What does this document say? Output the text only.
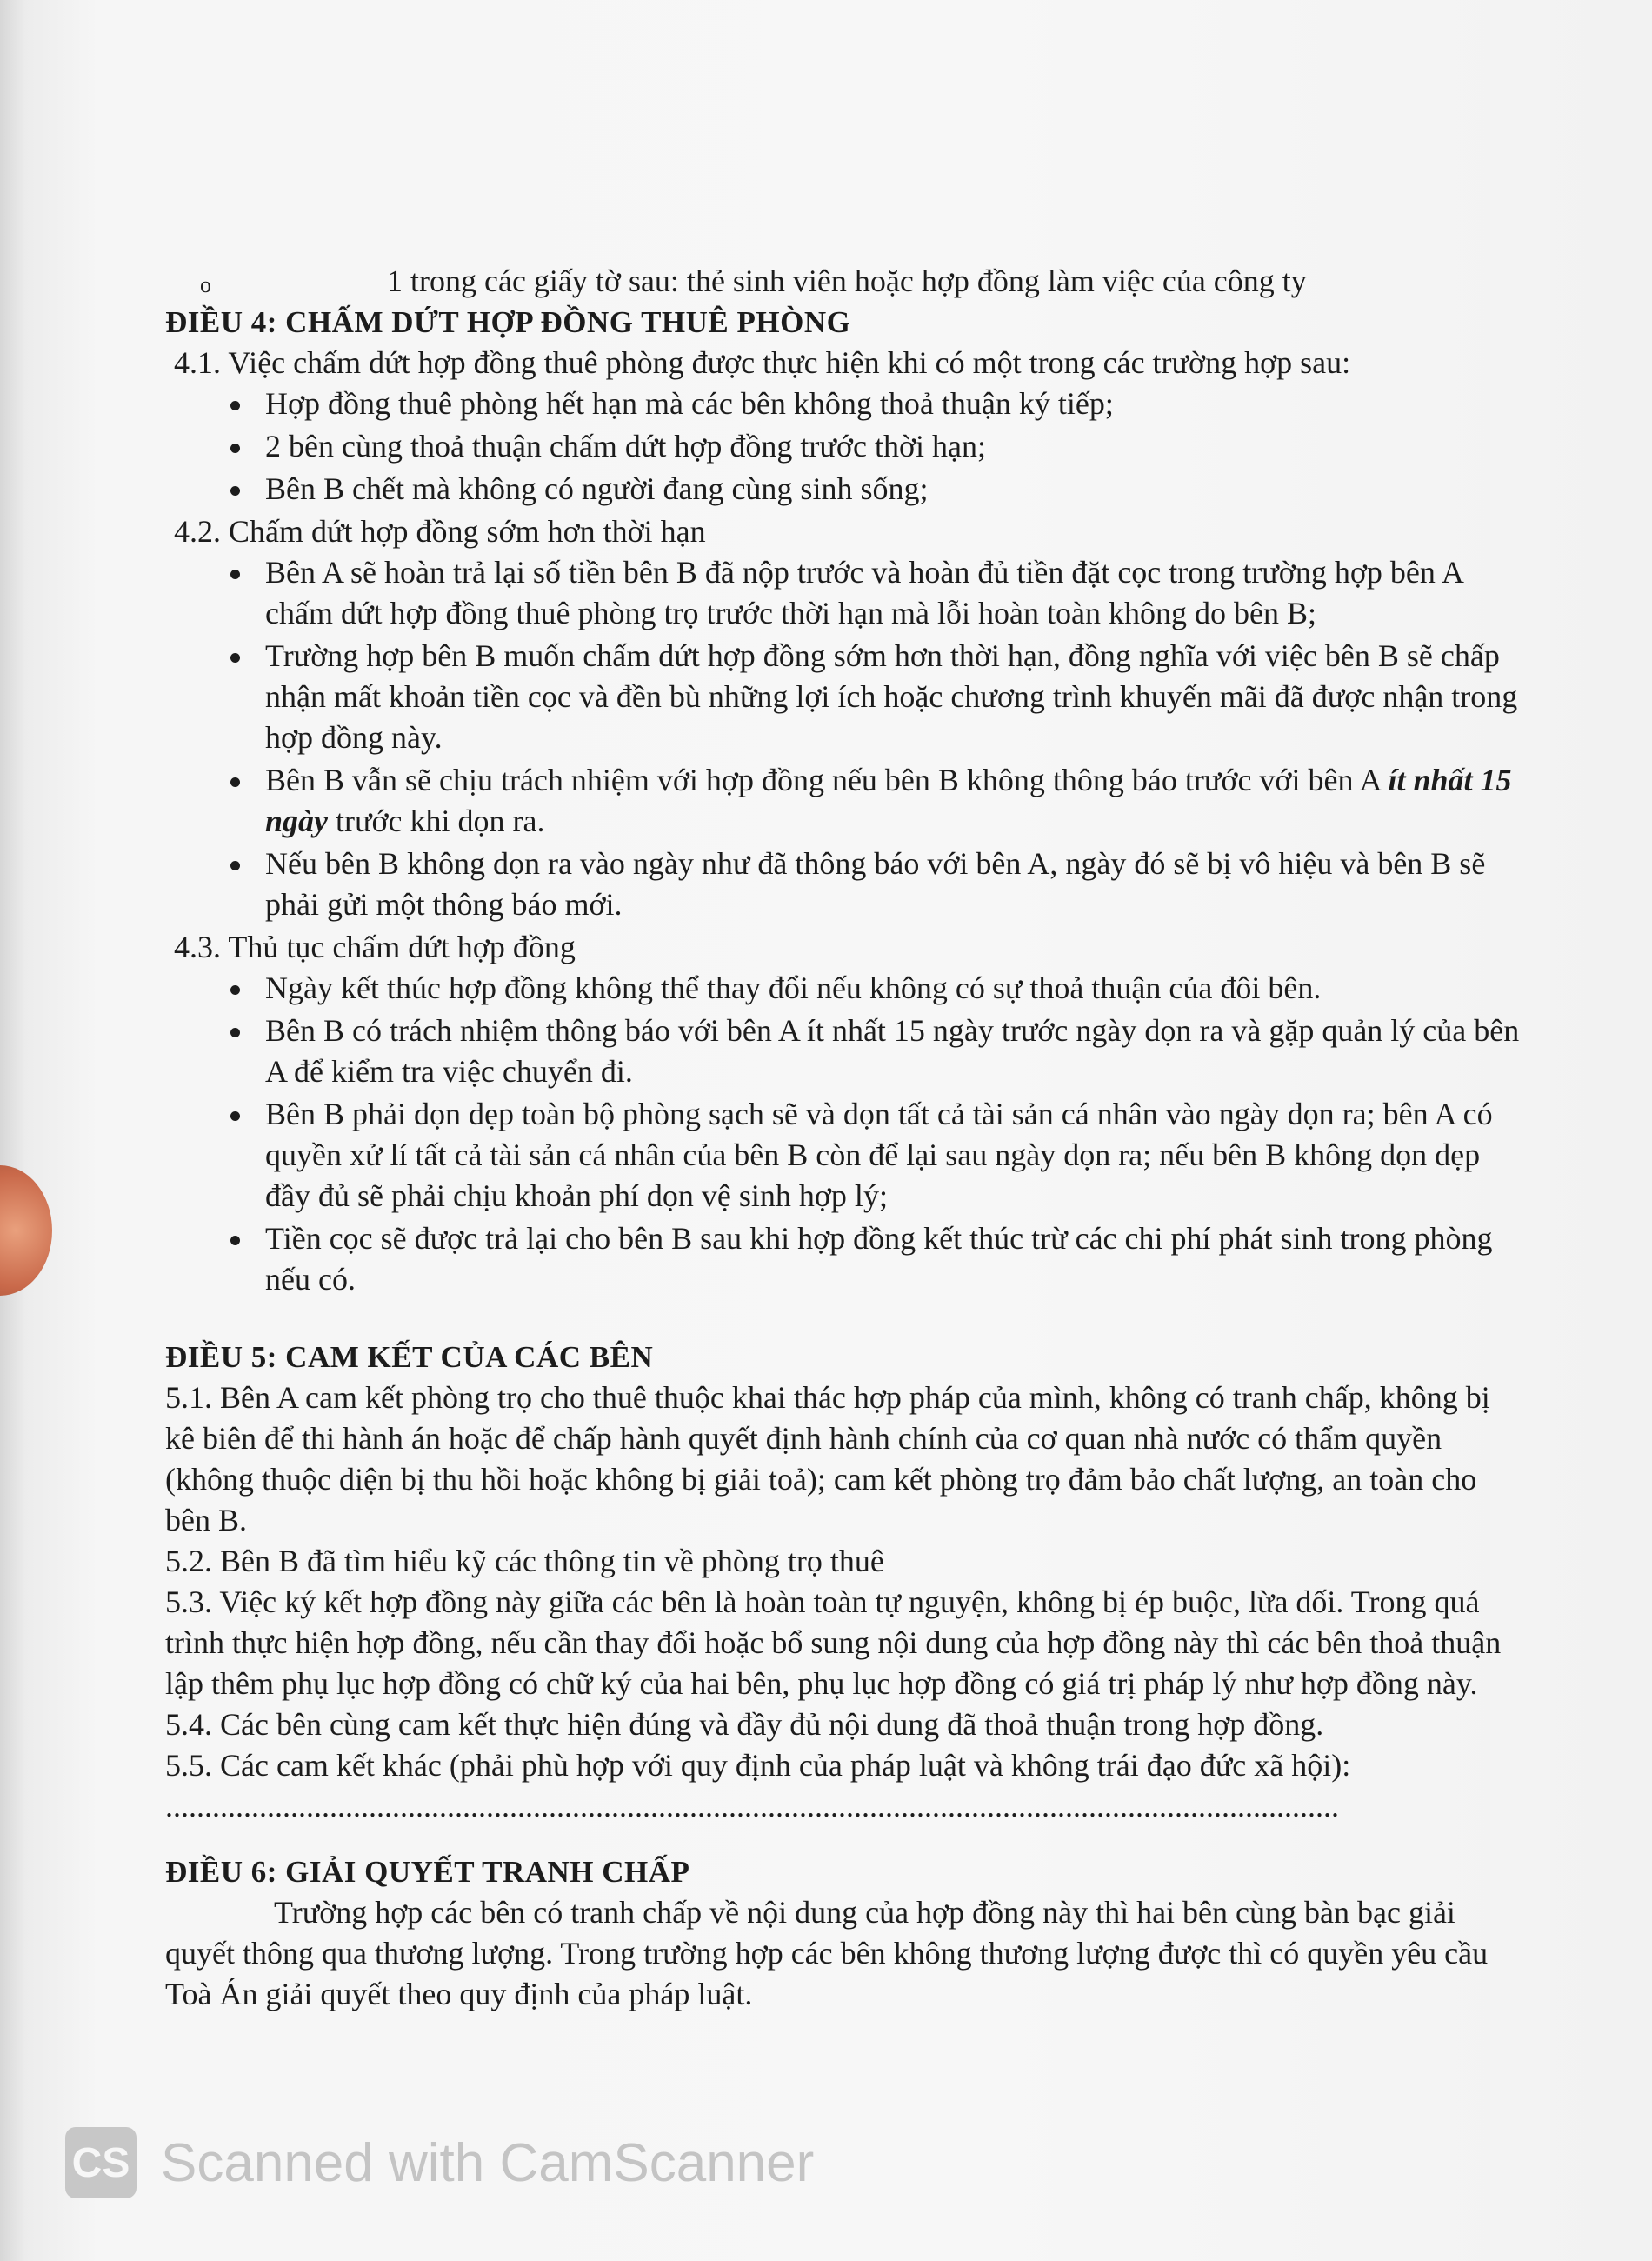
o	1 trong các giấy tờ sau: thẻ sinh viên hoặc hợp đồng làm việc của công ty

ĐIỀU 4: CHẤM DỨT HỢP ĐỒNG THUÊ PHÒNG

4.1. Việc chấm dứt hợp đồng thuê phòng được thực hiện khi có một trong các trường hợp sau:

Hợp đồng thuê phòng hết hạn mà các bên không thoả thuận ký tiếp;
2 bên cùng thoả thuận chấm dứt hợp đồng trước thời hạn;
Bên B chết mà không có người đang cùng sinh sống;

4.2. Chấm dứt hợp đồng sớm hơn thời hạn

Bên A sẽ hoàn trả lại số tiền bên B đã nộp trước và hoàn đủ tiền đặt cọc trong trường hợp bên A chấm dứt hợp đồng thuê phòng trọ trước thời hạn mà lỗi hoàn toàn không do bên B;
Trường hợp bên B muốn chấm dứt hợp đồng sớm hơn thời hạn, đồng nghĩa với việc bên B sẽ chấp nhận mất khoản tiền cọc và đền bù những lợi ích hoặc chương trình khuyến mãi đã được nhận trong hợp đồng này.
Bên B vẫn sẽ chịu trách nhiệm với hợp đồng nếu bên B không thông báo trước với bên A ít nhất 15 ngày trước khi dọn ra.
Nếu bên B không dọn ra vào ngày như đã thông báo với bên A, ngày đó sẽ bị vô hiệu và bên B sẽ phải gửi một thông báo mới.

4.3. Thủ tục chấm dứt hợp đồng

Ngày kết thúc hợp đồng không thể thay đổi nếu không có sự thoả thuận của đôi bên.
Bên B có trách nhiệm thông báo với bên A ít nhất 15 ngày trước ngày dọn ra và gặp quản lý của bên A để kiểm tra việc chuyển đi.
Bên B phải dọn dẹp toàn bộ phòng sạch sẽ và dọn tất cả tài sản cá nhân vào ngày dọn ra; bên A có quyền xử lí tất cả tài sản cá nhân của bên B còn để lại sau ngày dọn ra; nếu bên B không dọn dẹp đầy đủ sẽ phải chịu khoản phí dọn vệ sinh hợp lý;
Tiền cọc sẽ được trả lại cho bên B sau khi hợp đồng kết thúc trừ các chi phí phát sinh trong phòng nếu có.
ĐIỀU 5: CAM KẾT CỦA CÁC BÊN

5.1. Bên A cam kết phòng trọ cho thuê thuộc khai thác hợp pháp của mình, không có tranh chấp, không bị kê biên để thi hành án hoặc để chấp hành quyết định hành chính của cơ quan nhà nước có thẩm quyền (không thuộc diện bị thu hồi hoặc không bị giải toả); cam kết phòng trọ đảm bảo chất lượng, an toàn cho bên B.

5.2. Bên B đã tìm hiểu kỹ các thông tin về phòng trọ thuê

5.3. Việc ký kết hợp đồng này giữa các bên là hoàn toàn tự nguyện, không bị ép buộc, lừa dối. Trong quá trình thực hiện hợp đồng, nếu cần thay đổi hoặc bổ sung nội dung của hợp đồng này thì các bên thoả thuận lập thêm phụ lục hợp đồng có chữ ký của hai bên, phụ lục hợp đồng có giá trị pháp lý như hợp đồng này.

5.4. Các bên cùng cam kết thực hiện đúng và đầy đủ nội dung đã thoả thuận trong hợp đồng.

5.5. Các cam kết khác (phải phù hợp với quy định của pháp luật và không trái đạo đức xã hội):

......................................................................................................................................................

ĐIỀU 6: GIẢI QUYẾT TRANH CHẤP

Trường hợp các bên có tranh chấp về nội dung của hợp đồng này thì hai bên cùng bàn bạc giải quyết thông qua thương lượng. Trong trường hợp các bên không thương lượng được thì có quyền yêu cầu Toà Án giải quyết theo quy định của pháp luật.

CS Scanned with CamScanner
